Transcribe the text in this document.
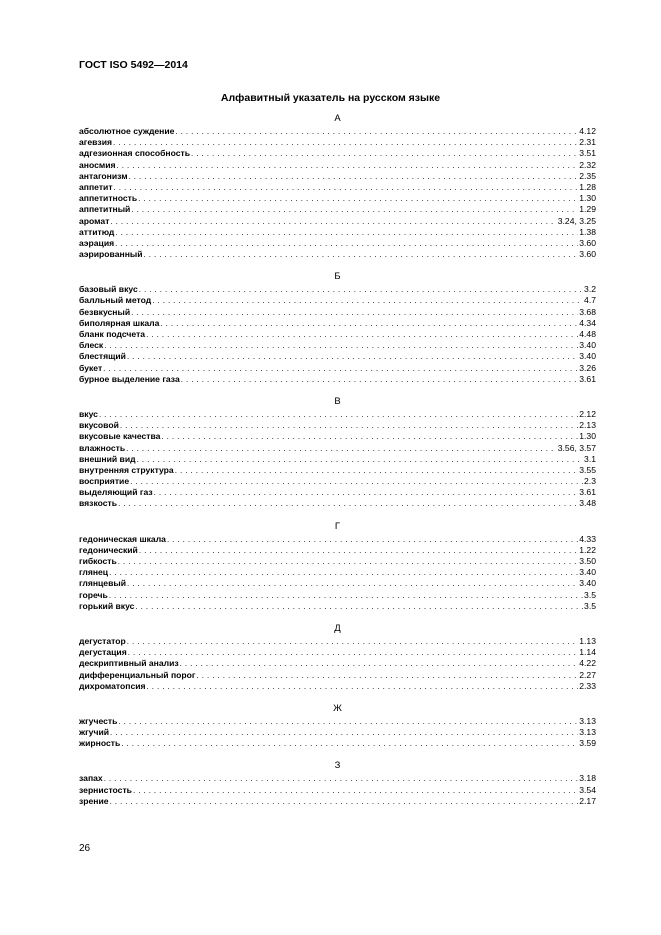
ГОСТ ISO 5492—2014
Алфавитный указатель на русском языке
А
абсолютное суждение . . .	4.12
агевзия . . .	2.31
адгезионная способность . . .	3.51
аносмия . . .	2.32
антагонизм . . .	2.35
аппетит . . .	1.28
аппетитность . . .	1.30
аппетитный . . .	1.29
аромат . . .	3.24, 3.25
аттитюд . . .	1.38
аэрация . . .	3.60
аэрированный . . .	3.60
Б
базовый вкус . . .	3.2
балльный метод . . .	4.7
безвкусный . . .	3.68
биполярная шкала . . .	4.34
бланк подсчета . . .	4.48
блеск . . .	3.40
блестящий . . .	3.40
букет . . .	3.26
бурное выделение газа . . .	3.61
В
вкус . . .	2.12
вкусовой . . .	2.13
вкусовые качества . . .	1.30
влажность . . .	3.56, 3.57
внешний вид . . .	3.1
внутренняя структура . . .	3.55
восприятие . . .	2.3
выделяющий газ . . .	3.61
вязкость . . .	3.48
Г
гедоническая шкала . . .	4.33
гедонический . . .	1.22
гибкость . . .	3.50
глянец . . .	3.40
глянцевый . . .	3.40
горечь . . .	3.5
горький вкус . . .	3.5
Д
дегустатор . . .	1.13
дегустация . . .	1.14
дескриптивный анализ . . .	4.22
дифференциальный порог . . .	2.27
дихроматопсия . . .	2.33
Ж
жгучесть . . .	3.13
жгучий . . .	3.13
жирность . . .	3.59
З
запах . . .	3.18
зернистость . . .	3.54
зрение . . .	2.17
26
